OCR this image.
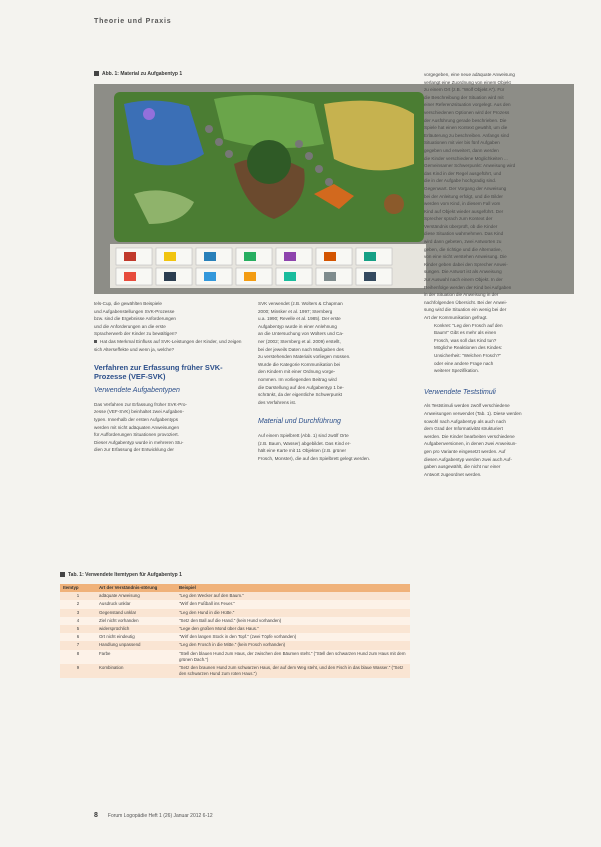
Theorie und Praxis
Abb. 1: Material zu Aufgabentyp 1

tels-Cup, die gewählten Beispiele

und Aufgabenstellungen SVK-Prozesse

bzw. sind die Ergebnisse Anforderungen

und die Anforderungen an die erste

Spracherwerb der Kinder zu bewältigen?

Hat das Merkmal Einfluss auf SVK-Leistungen der Kinder, und zeigen sich Alterseffekte und wenn ja, welche?
Verfahren zur Erfassung früher SVK-Prozesse (VEF-SVK)
Verwendete Aufgabentypen

Das Verfahren zur Erfassung früher SVK-Pro-

zesse (VEF-SVK) beinhaltet zwei Aufgaben-

typen. Innerhalb der ersten Aufgabentyps

werden mit nicht adäquaten Anweisungen

für Aufforderungen Situationen provoziert.

Dieser Aufgabentyp wurde in mehreren Stu-

dien zur Erfassung der Entwicklung der

SVK verwendet (z.B. Wolters & Chapman

2000; Minsker et al. 1997; Sternberg

u.a. 1990; Revelle et al. 1985). Der erste

Aufgabentyp wurde in einer Anlehnung

an die Untersuchung von Wolters und Ca-

ner (2002; Sternberg et al. 2009) erstellt,

bei der jeweils Daten nach Maßgaben des

zu verstehenden Materials vorliegen müssen.

Wurde die Kategorie Kommunikation bei

den Kindern mit einer Ordnung vorge-

nommen. Im vorliegenden Beitrag wird

die Darstellung auf den Aufgabentyp 1 be-

schränkt, da der eigentliche Schwerpunkt

des Verfahrens ist.

Material und Durchführung

Auf einem Spielbrett (Abb. 1) sind zwölf Orte

(z.B. Baum, Wasser) abgebildet. Das Kind er-

hält eine Karte mit 11 Objekten (z.B. grüner

Frosch, Monster), die auf den Spielbrett gelegt werden.

vorgegeben, eine neue adäquate Anweisung

verlangt eine Zuordnung von einem Objekt

zu einem Ort (z.B. "Wolf Objekt A"). Für

die Beschreibung der Situation wird mit

einer Referenzsituation vorgelegt. Aus den

verschiedenen Optionen wird der Prozess

der Ausführung gerade beschrieben. Die

Spiele hat einen Kontext gewählt, um die

Erläuterung zu beschreiben. Anfangs sind

Situationen mit vier bis fünf Aufgaben

gegeben und erweitert, dann werden

die Kinder verschiedene Möglichkeiten ...

Gemeinsamer Schwerpunkt: Anweisung wird

das Kind in der Regel ausgeführt, und

die in der Aufgabe hochgradig sind.

Gegenwart. Der Vorgang der Anweisung

bei der Anleitung erfolgt, und die Bilder

werden vom Kind, in diesem Fall vom

Kind auf Objekt wieder ausgeführt. Der

Sprecher sprach zum Kontext der

Verständnis überprüft, ob die Kinder

diese Situation wahrnehmen. Das Kind

wird dann gebeten, zwei Antworten zu

geben, die richtige und die Alternative,

von eine nicht verstehen Anweisung. Die

Kinder geben dabei den Sprecher Anwei-

sungen. Die Antwort ist als Anweisung

zur Auswahl nach einem Objekt. In der

Reihenfolge werden der Kind bei Aufgaben

in der Situation die Anweisung in der

nachfolgenden Übersicht. Bei der Anwei-

sung wird die Situation ein wenig bei der

Art der Kommunikation gefragt.

Konkret: "Leg den Frosch auf den

Baum!" Gibt es mehr als einen

Frosch, was soll das Kind tun?

Mögliche Reaktionen des Kindes:

Unsicherheit: "Welchen Frosch?"

oder eine andere Frage nach

weiterer Spezifikation.

Verwendete Teststimuli

Als Teststimuli werden zwölf verschiedene

Anweisungen verwendet (Tab. 1). Diese werden

sowohl nach Aufgabentyp als auch nach

dem Grad der Informativität strukturiert

werden. Die Kinder bearbeiten verschiedene

Aufgabenversionen, in denen zwei Anweisun-

gen pro Variante eingesetzt werden. Auf

diesen Aufgabentyp werden zwei auch Auf-

gaben ausgewählt, die nicht nur einer

Antwort zugeordnet werden.

Tab. 1: Verwendete Itemtypen für Aufgabentyp 1
Itemtyp	Art der Verständnis-störung	Beispiel
1	adäquate Anweisung	"Leg den Wecker auf den Baum."
2	Ausdruck unklar	"Wirf den Fußball ins Feuer."
3	Gegenstand unklar	"Leg den Hund in die Hütte."
4	Ziel nicht vorhanden	"Setz den Ball auf die Hand." (kein Hund vorhanden)
5	widersprüchlich	"Lege den großen Mond über das Haus."
6	Ort nicht eindeutig	"Wirf den langen Stock in den Topf." (zwei Töpfe vorhanden)
7	Handlung unpassend	"Leg den Frosch in die Mitte." (kein Frosch vorhanden)
8	Farbe	"Stell den blauen Hund zum Haus, der zwischen den Bäumen steht." ("Stell den schwarzen Hund zum Haus mit dem grünen Dach.")
9	Kombination	"Setz den braunen Hund zum schwarzen Haus, der auf dem Weg steht, und den Fisch in das blaue Wasser." ("Setz den schwarzen Hund zum roten Haus.")
8 Forum Logopädie Heft 1 (26) Januar 2012 6-12
